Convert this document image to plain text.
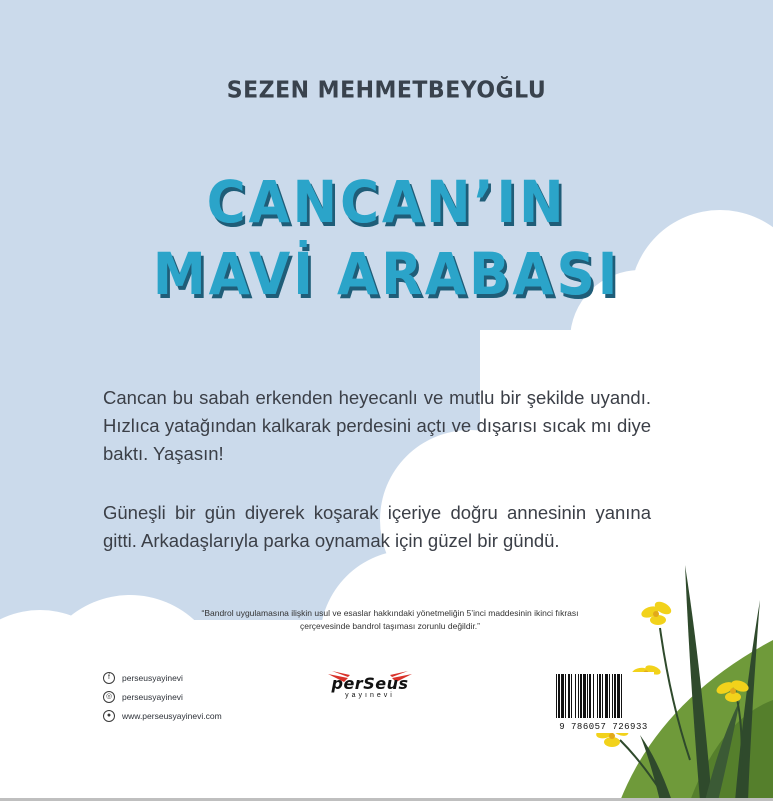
SEZEN MEHMETBEYOĞLU
CANCAN’IN
MAVİ ARABASI

Cancan bu sabah erkenden heyecanlı ve mutlu bir şekilde uyandı. Hızlıca yatağından kalkarak perdesini açtı ve dışarısı sıcak mı diye baktı. Yaşasın!

Güneşli bir gün diyerek koşarak içeriye doğru annesinin yanına gitti. Arkadaşlarıyla parka oynamak için güzel bir gündü.

“Bandrol uygulamasına ilişkin usul ve esaslar hakkındaki yönetmeliğin 5’inci maddesinin ikinci fıkrası çerçevesinde bandrol taşıması zorunlu değildir.”

f	perseusyayinevi
◎	perseusyayinevi
●	www.perseusyayinevi.com
perSeus
yayınevi
9 786057 726933
